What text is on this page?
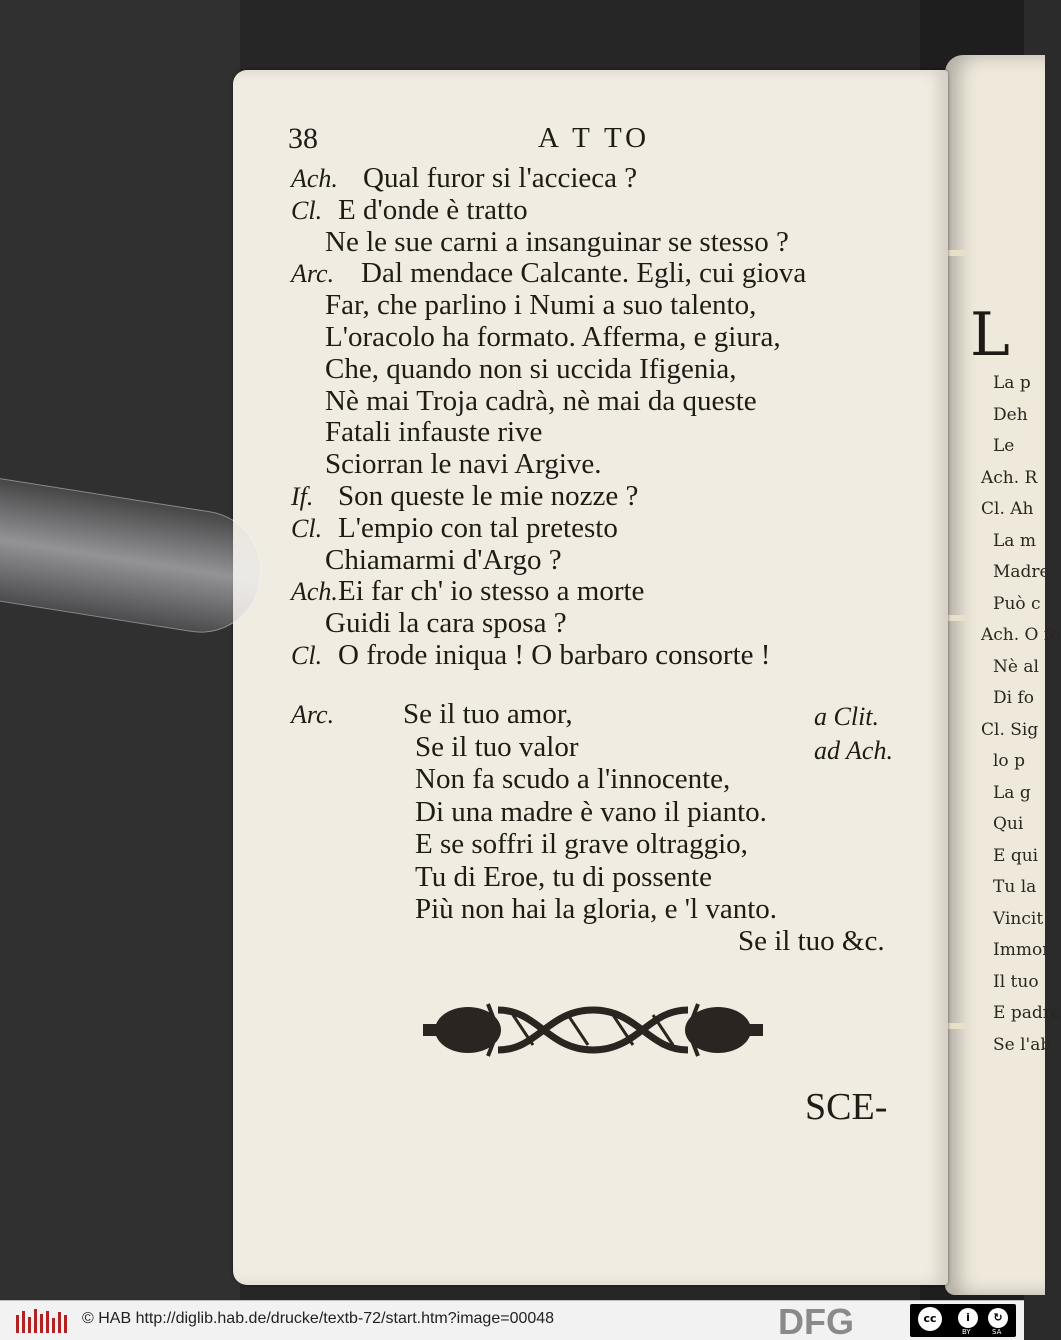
L
La p
Deh
Le
Ach. R
Cl. Ah
La m
Madre
Può c
Ach. O fo
Nè al
Di fo
Cl. Sig
lo p
La g
Qui
E qui
Tu la
Vincit
Immor
Il tuo
E padre
Se l'ab
38	A T TO
Ach. Qual furor si l'accieca ?
Cl. E d'onde è tratto
Ne le sue carni a insanguinar se stesso ?
Arc. Dal mendace Calcante. Egli, cui giova
Far, che parlino i Numi a suo talento,
L'oracolo ha formato. Afferma, e giura,
Che, quando non si uccida Ifigenia,
Nè mai Troja cadrà, nè mai da queste
Fatali infauste rive
Sciorran le navi Argive.
If. Son queste le mie nozze ?
Cl. L'empio con tal pretesto
Chiamarmi d'Argo ?
Ach. Ei far ch' io stesso a morte
Guidi la cara sposa ?
Cl. O frode iniqua ! O barbaro consorte !
Arc.	a Clit.
ad Ach.
Se il tuo amor,
Se il tuo valor
Non fa scudo a l'innocente,
Di una madre è vano il pianto.
E se soffri il grave oltraggio,
Tu di Eroe, tu di possente
Più non hai la gloria, e 'l vanto.
Se il tuo &c.
SCE-
© HAB http://diglib.hab.de/drucke/textb-72/start.htm?image=00048	DFG	cc	i	↻
BY	SA
